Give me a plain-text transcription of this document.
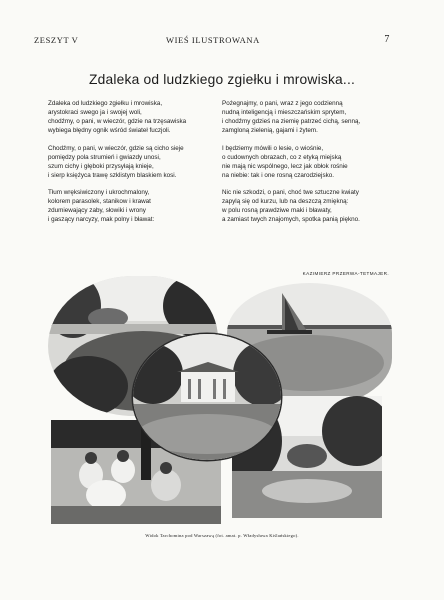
ZESZYT V	WIEŚ ILUSTROWANA	7
Zdaleka od ludzkiego zgiełku i mrowiska...
Zdaleka od ludzkiego zgiełku i mrowiska,
arystokraci swego ja i swojej woli,
chodźmy, o pani, w wieczór, gdzie na trzęsawiska
wybiega błędny ognik wśród świateł fuczjoli.
Chodźmy, o pani, w wieczór, gdzie są cicho siejе
pomiędzy pola strumień i gwiazdy unosi,
szum cichy i głęboki przysyłają knieje,
i sierp księżyca trawę szklistym blaskiem kosi.
Tłum wręksiwiczony i ukrochmalony,
kolorem parasolek, stanikow i krawat
zdumiewający zaby, słowiki i wrony
i gaszący narcyzy, mak polny i bławat:
Pożegnajmy, o pani, wraz z jego codzienną
nudną inteligencją i mieszczańskim sprytem,
i chodźmy gdzieś na ziemię patrzeć cichą, senną,
zamgloną zielenią, gajami i żytem.
I będziemy mówili o lesie, o wiośnie,
o cudownych obrazach, co z etyką miejską
nie mają nic wspólnego, lecz jak obłok rośnie
na niebie: tak i one rosną czarodziejsko.
Nic nie szkodzi, o pani, choć twe sztuczne kwiaty
zapylą się od kurzu, lub na deszczą zmiękną:
w polu rosną prawdziwe maki i bławaty,
a zamiast twych znajomych, spotka panią piękno.
KAZIMIERZ PRZERWA-TETMAJER.
Widok Tarchomina pod Warszawą (fot. amat. p. Władysława Kiślańskiego).
